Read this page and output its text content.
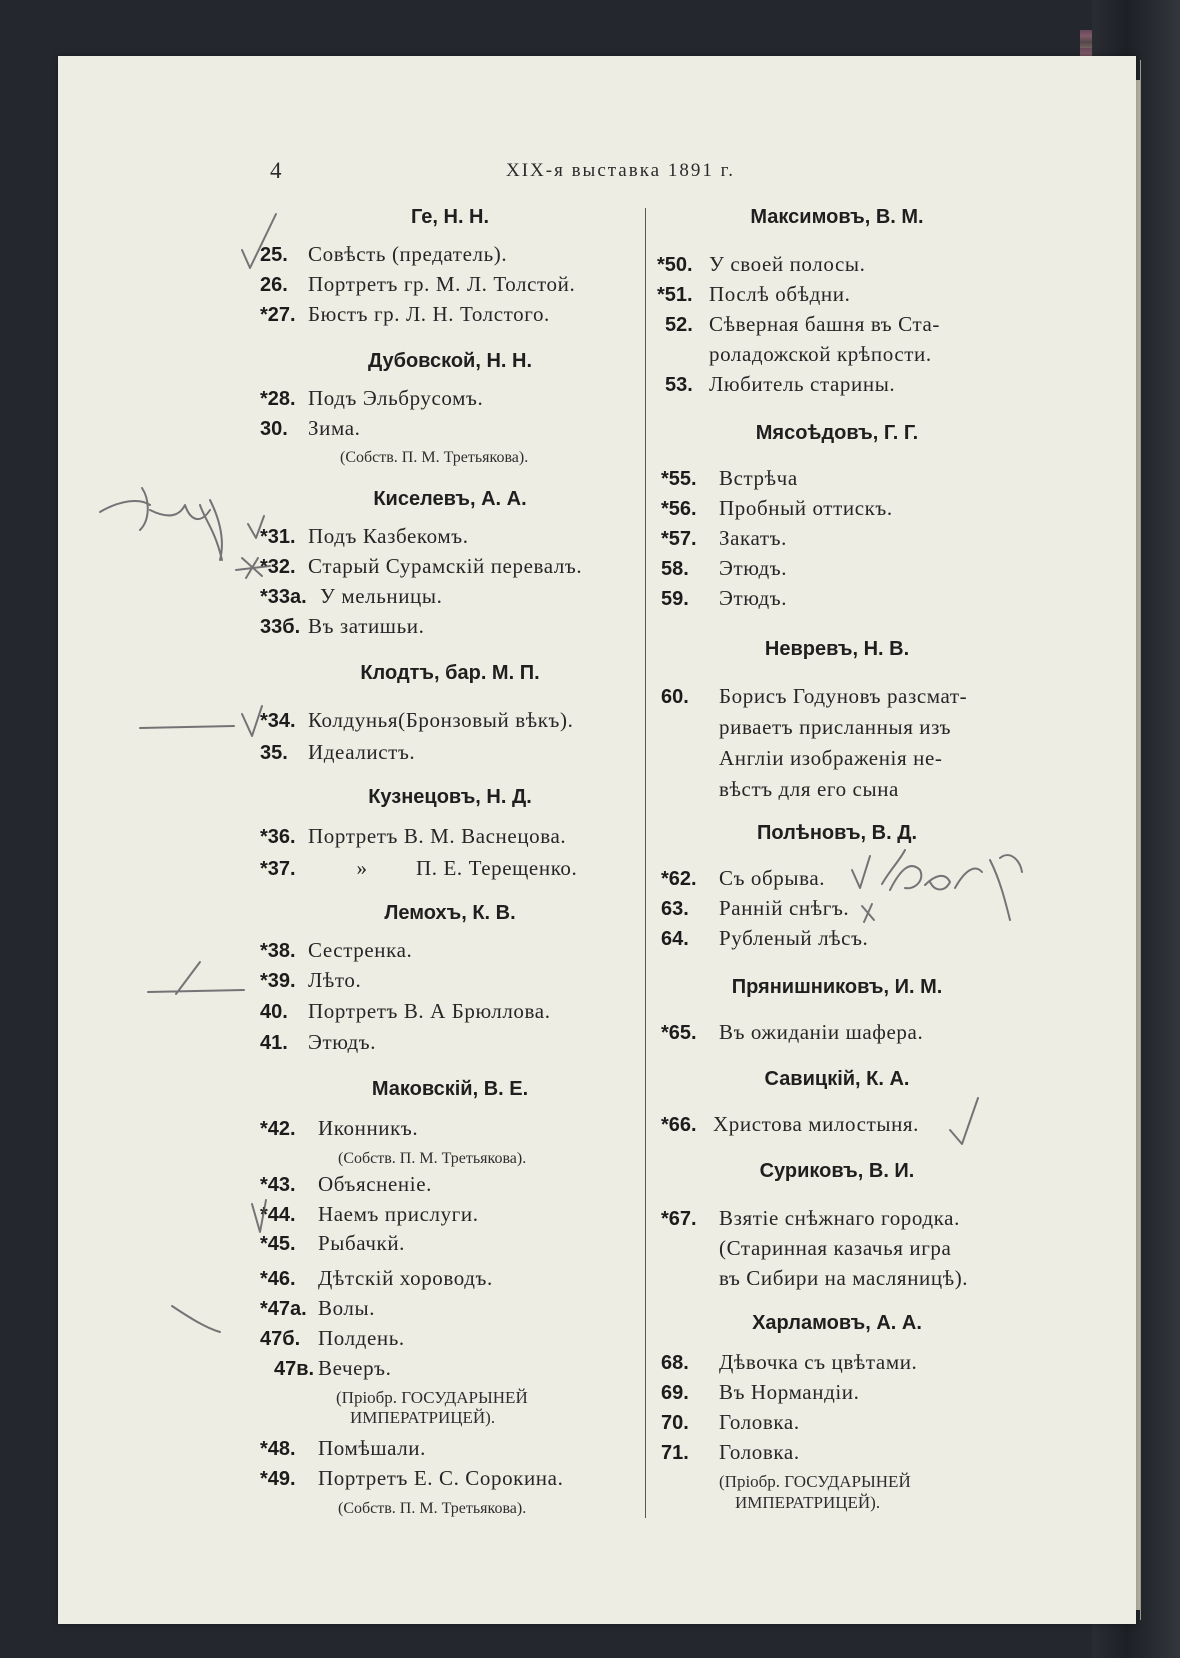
4	XIX-я выставка 1891 г.
Ге, Н. Н.
25. Совѣсть (предатель).
26. Портретъ гр. М. Л. Толстой.
*27. Бюстъ гр. Л. Н. Толстого.
Дубовской, Н. Н.
*28. Подъ Эльбрусомъ.
30. Зима.
(Собств. П. М. Третьякова).
Киселевъ, А. А.
*31. Подъ Казбекомъ.
*32. Старый Сурамскій перевалъ.
*33а. У мельницы.
33б. Въ затишьи.
Клодтъ, бар. М. П.
*34. Колдунья(Бронзовый вѣкъ).
35. Идеалистъ.
Кузнецовъ, Н. Д.
*36. Портретъ В. М. Васнецова.
*37.	» П. Е. Терещенко.
Лемохъ, К. В.
*38. Сестренка.
*39. Лѣто.
40. Портретъ В. А Брюллова.
41. Этюдъ.
Маковскій, В. Е.
*42. Иконникъ.
(Собств. П. М. Третьякова).
*43. Объясненіе.
*44. Наемъ прислуги.
*45. Рыбачкй.
*46. Дѣтскій хороводъ.
*47а. Волы.
47б. Полдень.
47в. Вечеръ.
(Пріобр. ГОСУДАРЫНЕЙ
ИМПЕРАТРИЦЕЙ).
*48. Помѣшали.
*49. Портретъ Е. С. Сорокина.
(Собств. П. М. Третьякова).
Максимовъ, В. М.
*50. У своей полосы.
*51. Послѣ обѣдни.
52. Сѣверная башня въ Ста-
роладожской крѣпости.
53. Любитель старины.
Мясоѣдовъ, Г. Г.
*55. Встрѣча
*56. Пробный оттискъ.
*57. Закатъ.
58. Этюдъ.
59. Этюдъ.
Невревъ, Н. В.
60. Борисъ Годуновъ разсмат-
риваетъ присланныя изъ
Англіи изображенія не-
вѣстъ для его сына
Полѣновъ, В. Д.
*62. Съ обрыва.
63. Ранній снѣгъ.
64. Рубленый лѣсъ.
Прянишниковъ, И. М.
*65. Въ ожиданіи шафера.
Савицкій, К. А.
*66. Христова милостыня.
Суриковъ, В. И.
*67. Взятіе снѣжнаго городка.
(Старинная казачья игра
въ Сибири на масляницѣ).
Харламовъ, А. А.
68. Дѣвочка съ цвѣтами.
69. Въ Нормандіи.
70. Головка.
71. Головка.
(Пріобр. ГОСУДАРЫНЕЙ
ИМПЕРАТРИЦЕЙ).
